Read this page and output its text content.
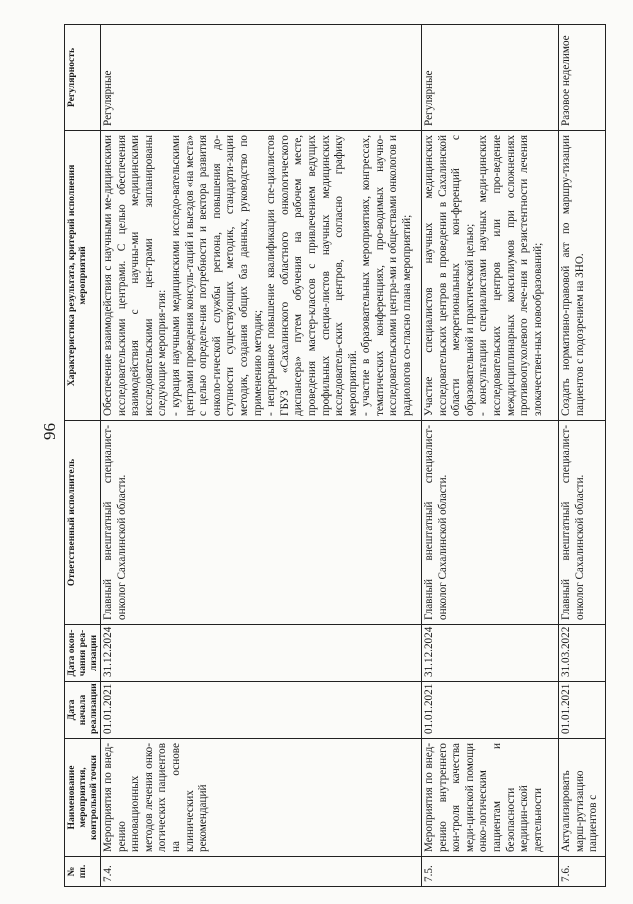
96
№ пп.	Наименование мероприятия, контрольной точки	Дата начала реализации	Дата окон-чания реа-лизации	Ответственный исполнитель	Характеристика результата, критерий исполнения мероприятий	Регулярность
7.4.	Мероприятия по внед-рению инновационных методов лечения онко-логических пациентов на основе клинических рекомендаций	01.01.2021	31.12.2024	Главный внештатный специалист-онколог Сахалинской области.	Обеспечение взаимодействия с научными ме-дицинскими исследовательскими центрами. С целью обеспечения взаимодействия с научны-ми медицинскими исследовательскими цен-трами запланированы следующие мероприя-тия: - курация научными медицинскими исследо-вательскими центрами проведения консуль-таций и выездов «на места» с целью определе-ния потребности и вектора развития онколо-гической службы региона, повышения до-ступности существующих методик, стандарти-зации методик, создания общих баз данных, руководство по применению методик; - непрерывное повышение квалификации спе-циалистов ГБУЗ «Сахалинского областного онкологического диспансера» путем обучения на рабочем месте, проведения мастер-классов с привлечением ведущих профильных специа-листов научных медицинских исследователь-ских центров, согласно графику мероприятий. - участие в образовательных мероприятиях, конгрессах, тематических конференциях, про-водимых научно-исследовательскими центра-ми и обществами онкологов и радиологов со-гласно плана мероприятий;	Регулярные
7.5.	Мероприятия по внед-рению внутреннего кон-троля качества меди-цинской помощи онко-логическим пациентам и безопасности медицин-ской деятельности	01.01.2021	31.12.2024	Главный внештатный специалист-онколог Сахалинской области.	Участие специалистов научных медицинских исследовательских центров в проведении в Сахалинской области межрегиональных кон-ференций с образовательной и практической целью; - консультации специалистами научных меди-цинских исследовательских центров или про-ведение междисциплинарных консилиумов при осложнениях противоопухолевого лече-ния и резистентности лечения злокачествен-ных новообразований;	Регулярные
7.6.	Актуализировать марш-рутизацию пациентов с	01.01.2021	31.03.2022	Главный внештатный специалист-онколог Сахалинской области.	Создать нормативно-правовой акт по маршру-тизации пациентов с подозрением на ЗНО.	Разовое неделимое
